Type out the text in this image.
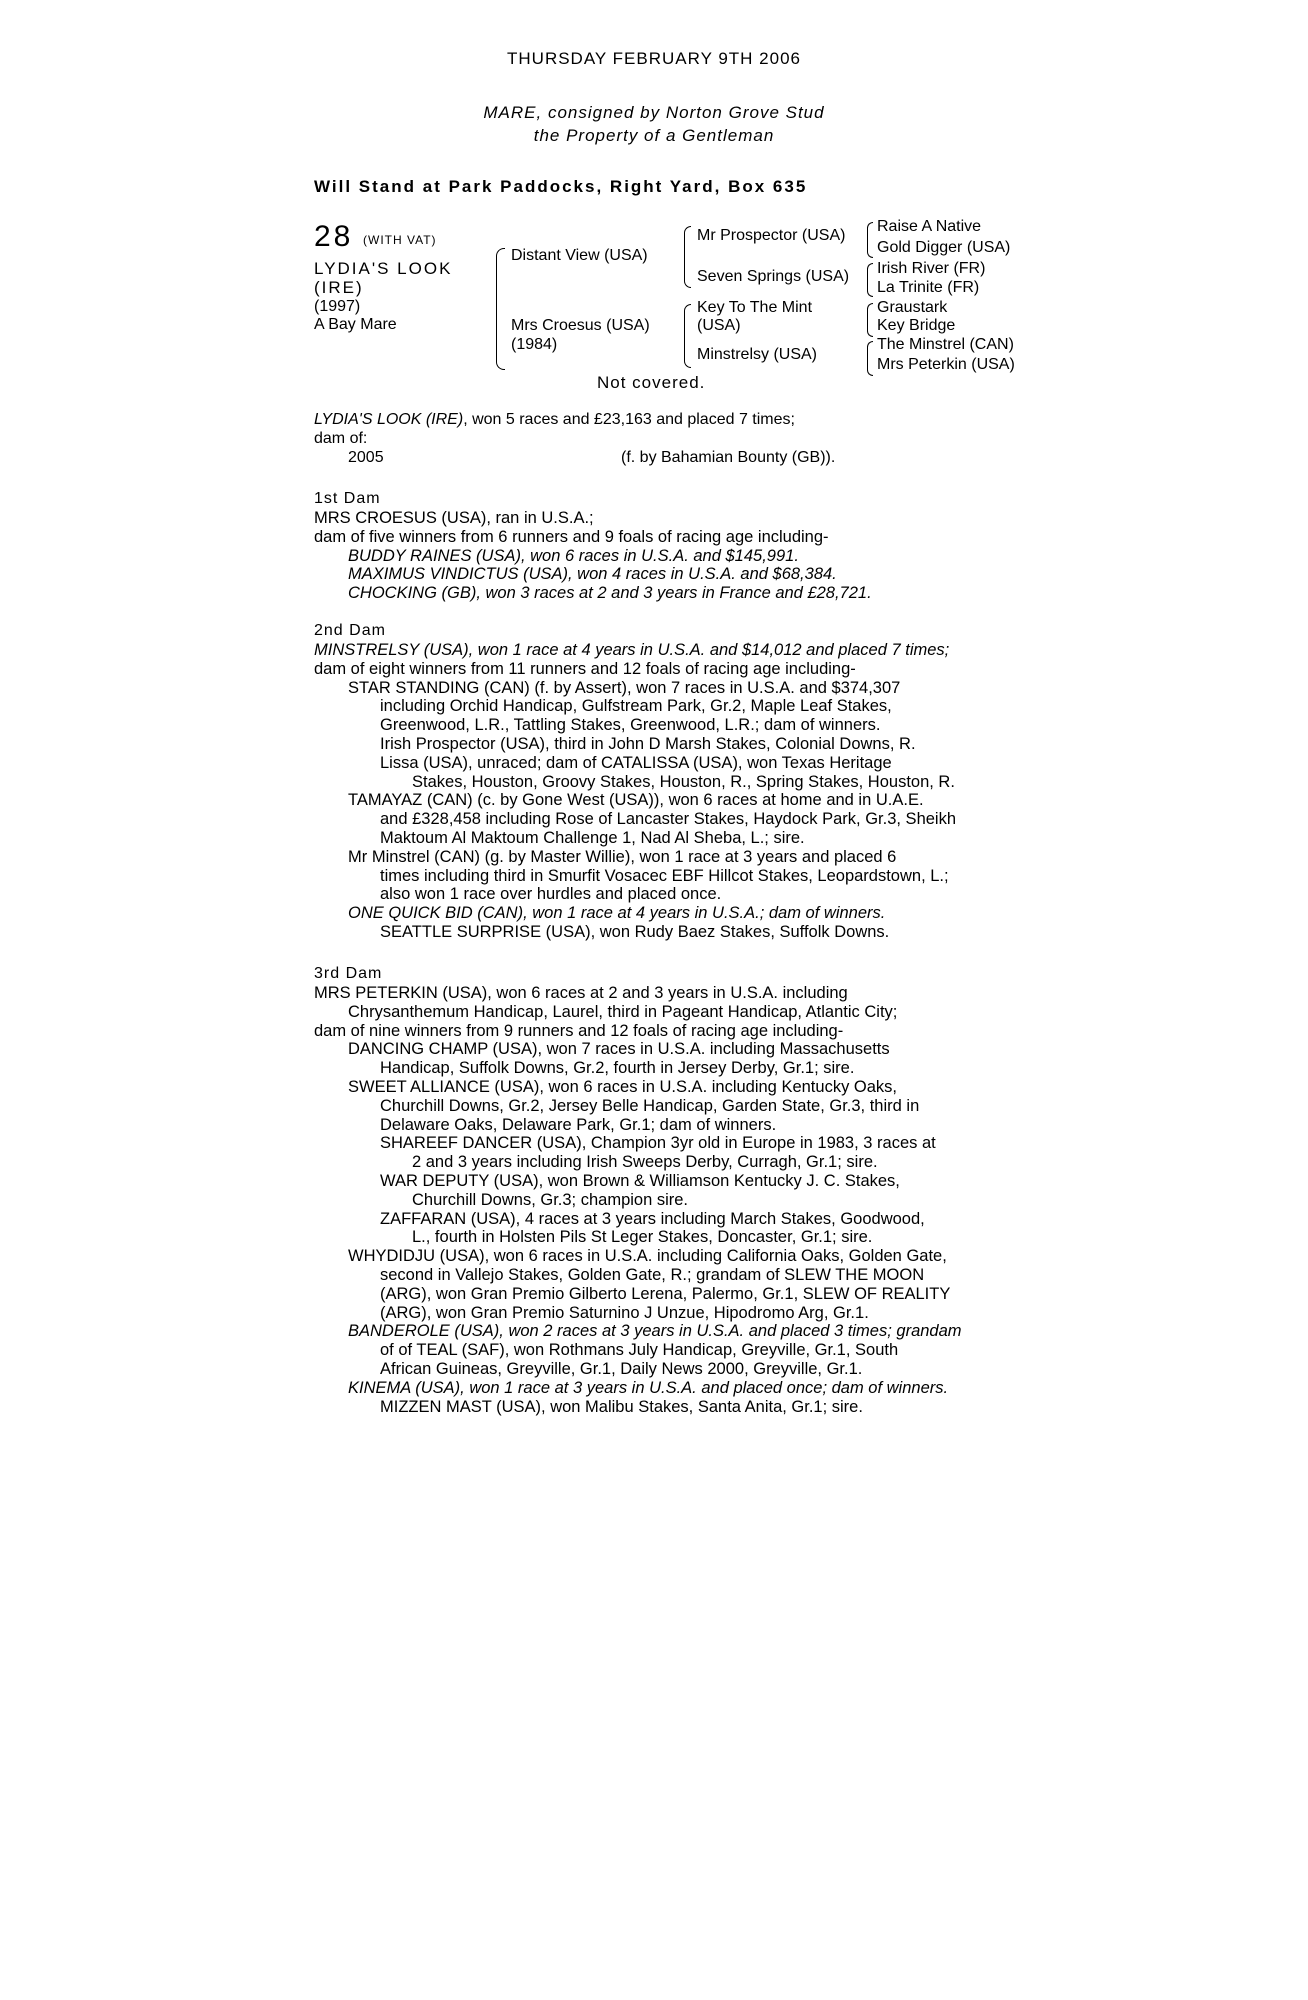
THURSDAY FEBRUARY 9TH 2006
MARE, consigned by Norton Grove Stud
the Property of a Gentleman
Will Stand at Park Paddocks, Right Yard, Box 635
28 (WITH VAT)
LYDIA'S LOOK
(IRE)
(1997)
A Bay Mare
Distant View (USA)
Mrs Croesus (USA)
(1984)
Mr Prospector (USA)
Seven Springs (USA)
Key To The Mint
(USA)
Minstrelsy (USA)
Raise A Native
Gold Digger (USA)
Irish River (FR)
La Trinite (FR)
Graustark
Key Bridge
The Minstrel (CAN)
Mrs Peterkin (USA)
Not covered.
LYDIA'S LOOK (IRE), won 5 races and £23,163 and placed 7 times;
dam of:
2005	(f. by Bahamian Bounty (GB)).
1st Dam
MRS CROESUS (USA), ran in U.S.A.;
dam of five winners from 6 runners and 9 foals of racing age including-
BUDDY RAINES (USA), won 6 races in U.S.A. and $145,991.
MAXIMUS VINDICTUS (USA), won 4 races in U.S.A. and $68,384.
CHOCKING (GB), won 3 races at 2 and 3 years in France and £28,721.
2nd Dam
MINSTRELSY (USA), won 1 race at 4 years in U.S.A. and $14,012 and placed 7 times;
dam of eight winners from 11 runners and 12 foals of racing age including-
STAR STANDING (CAN) (f. by Assert), won 7 races in U.S.A. and $374,307
including Orchid Handicap, Gulfstream Park, Gr.2, Maple Leaf Stakes,
Greenwood, L.R., Tattling Stakes, Greenwood, L.R.; dam of winners.
Irish Prospector (USA), third in John D Marsh Stakes, Colonial Downs, R.
Lissa (USA), unraced; dam of CATALISSA (USA), won Texas Heritage
Stakes, Houston, Groovy Stakes, Houston, R., Spring Stakes, Houston, R.
TAMAYAZ (CAN) (c. by Gone West (USA)), won 6 races at home and in U.A.E.
and £328,458 including Rose of Lancaster Stakes, Haydock Park, Gr.3, Sheikh
Maktoum Al Maktoum Challenge 1, Nad Al Sheba, L.; sire.
Mr Minstrel (CAN) (g. by Master Willie), won 1 race at 3 years and placed 6
times including third in Smurfit Vosacec EBF Hillcot Stakes, Leopardstown, L.;
also won 1 race over hurdles and placed once.
ONE QUICK BID (CAN), won 1 race at 4 years in U.S.A.; dam of winners.
SEATTLE SURPRISE (USA), won Rudy Baez Stakes, Suffolk Downs.
3rd Dam
MRS PETERKIN (USA), won 6 races at 2 and 3 years in U.S.A. including
Chrysanthemum Handicap, Laurel, third in Pageant Handicap, Atlantic City;
dam of nine winners from 9 runners and 12 foals of racing age including-
DANCING CHAMP (USA), won 7 races in U.S.A. including Massachusetts
Handicap, Suffolk Downs, Gr.2, fourth in Jersey Derby, Gr.1; sire.
SWEET ALLIANCE (USA), won 6 races in U.S.A. including Kentucky Oaks,
Churchill Downs, Gr.2, Jersey Belle Handicap, Garden State, Gr.3, third in
Delaware Oaks, Delaware Park, Gr.1; dam of winners.
SHAREEF DANCER (USA), Champion 3yr old in Europe in 1983, 3 races at
2 and 3 years including Irish Sweeps Derby, Curragh, Gr.1; sire.
WAR DEPUTY (USA), won Brown & Williamson Kentucky J. C. Stakes,
Churchill Downs, Gr.3; champion sire.
ZAFFARAN (USA), 4 races at 3 years including March Stakes, Goodwood,
L., fourth in Holsten Pils St Leger Stakes, Doncaster, Gr.1; sire.
WHYDIDJU (USA), won 6 races in U.S.A. including California Oaks, Golden Gate,
second in Vallejo Stakes, Golden Gate, R.; grandam of SLEW THE MOON
(ARG), won Gran Premio Gilberto Lerena, Palermo, Gr.1, SLEW OF REALITY
(ARG), won Gran Premio Saturnino J Unzue, Hipodromo Arg, Gr.1.
BANDEROLE (USA), won 2 races at 3 years in U.S.A. and placed 3 times; grandam
of of TEAL (SAF), won Rothmans July Handicap, Greyville, Gr.1, South
African Guineas, Greyville, Gr.1, Daily News 2000, Greyville, Gr.1.
KINEMA (USA), won 1 race at 3 years in U.S.A. and placed once; dam of winners.
MIZZEN MAST (USA), won Malibu Stakes, Santa Anita, Gr.1; sire.
